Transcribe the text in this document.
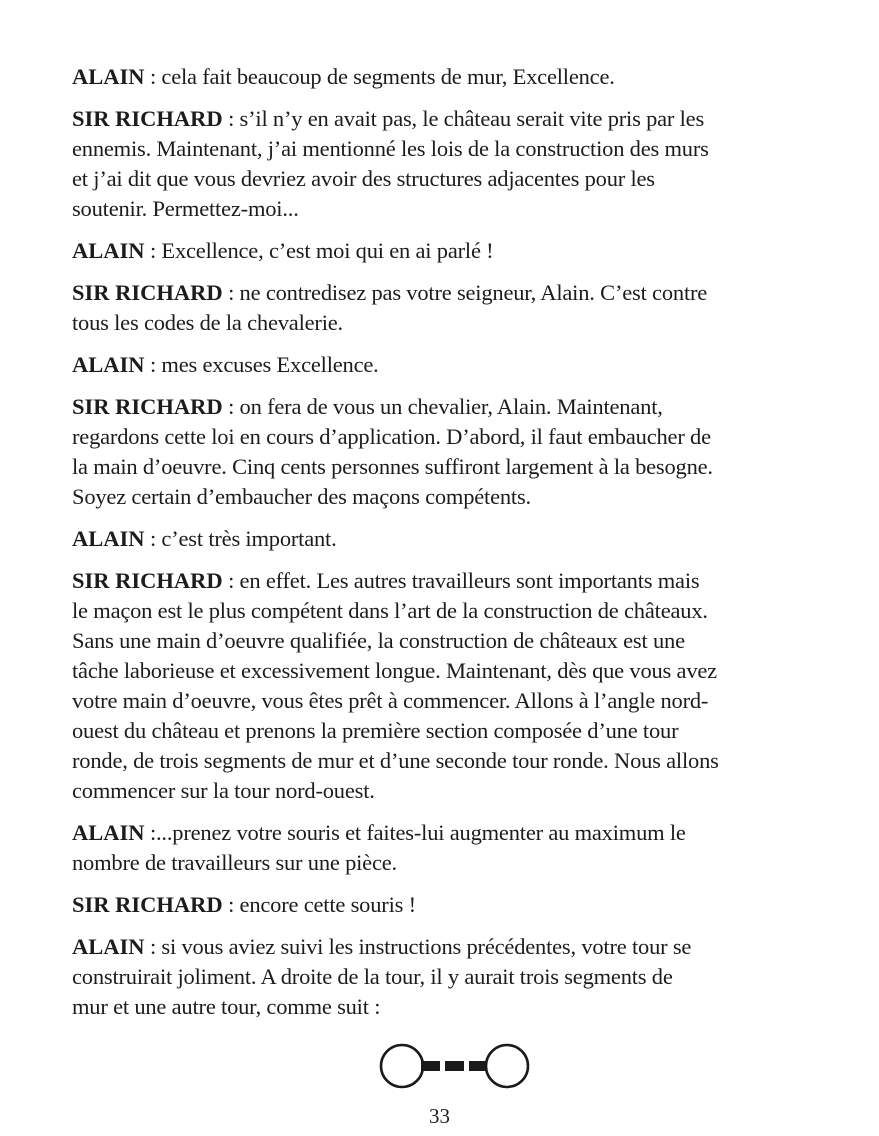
ALAIN : cela fait beaucoup de segments de mur, Excellence.

SIR RICHARD : s’il n’y en avait pas, le château serait vite pris par les
ennemis. Maintenant, j’ai mentionné les lois de la construction des murs
et j’ai dit que vous devriez avoir des structures adjacentes pour les
soutenir. Permettez-moi...

ALAIN : Excellence, c’est moi qui en ai parlé !

SIR RICHARD : ne contredisez pas votre seigneur, Alain. C’est contre
tous les codes de la chevalerie.

ALAIN : mes excuses Excellence.

SIR RICHARD : on fera de vous un chevalier, Alain. Maintenant,
regardons cette loi en cours d’application. D’abord, il faut embaucher de
la main d’oeuvre. Cinq cents personnes suffiront largement à la besogne.
Soyez certain d’embaucher des maçons compétents.

ALAIN : c’est très important.

SIR RICHARD : en effet. Les autres travailleurs sont importants mais
le maçon est le plus compétent dans l’art de la construction de châteaux.
Sans une main d’oeuvre qualifiée, la construction de châteaux est une
tâche laborieuse et excessivement longue. Maintenant, dès que vous avez
votre main d’oeuvre, vous êtes prêt à commencer. Allons à l’angle nord-
ouest du château et prenons la première section composée d’une tour
ronde, de trois segments de mur et d’une seconde tour ronde. Nous allons
commencer sur la tour nord-ouest.

ALAIN :...prenez votre souris et faites-lui augmenter au maximum le
nombre de travailleurs sur une pièce.

SIR RICHARD : encore cette souris !

ALAIN : si vous aviez suivi les instructions précédentes, votre tour se
construirait joliment. A droite de la tour, il y aurait trois segments de
mur et une autre tour, comme suit :

33
